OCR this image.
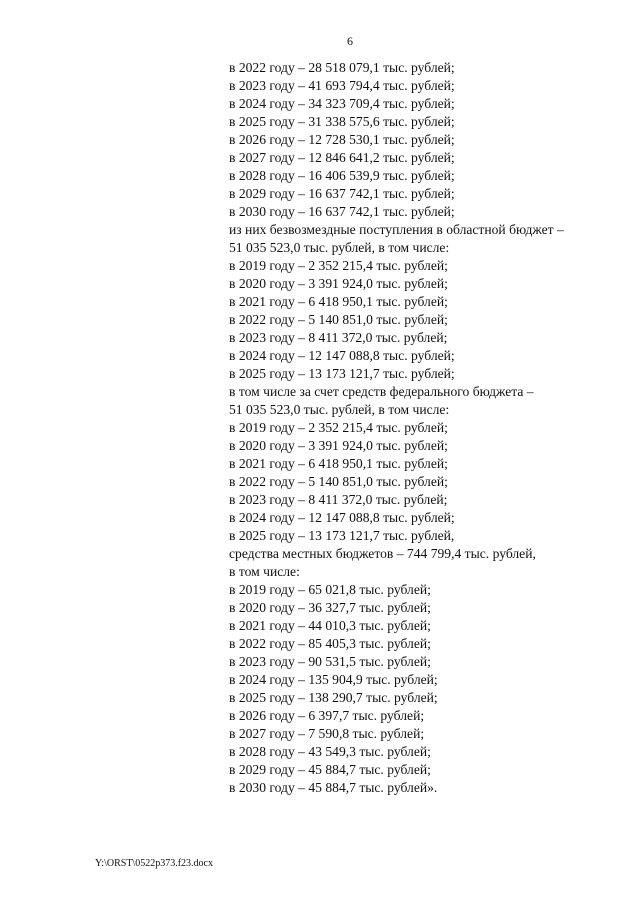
6
в 2022 году – 28 518 079,1 тыс. рублей;
в 2023 году – 41 693 794,4 тыс. рублей;
в 2024 году – 34 323 709,4 тыс. рублей;
в 2025 году – 31 338 575,6 тыс. рублей;
в 2026 году – 12 728 530,1 тыс. рублей;
в 2027 году – 12 846 641,2 тыс. рублей;
в 2028 году – 16 406 539,9 тыс. рублей;
в 2029 году – 16 637 742,1 тыс. рублей;
в 2030 году – 16 637 742,1 тыс. рублей;
из них безвозмездные поступления в областной бюджет –
51 035 523,0 тыс. рублей, в том числе:
в 2019 году – 2 352 215,4 тыс. рублей;
в 2020 году – 3 391 924,0 тыс. рублей;
в 2021 году – 6 418 950,1 тыс. рублей;
в 2022 году – 5 140 851,0 тыс. рублей;
в 2023 году – 8 411 372,0 тыс. рублей;
в 2024 году – 12 147 088,8 тыс. рублей;
в 2025 году – 13 173 121,7 тыс. рублей;
в том числе за счет средств федерального бюджета –
51 035 523,0 тыс. рублей, в том числе:
в 2019 году – 2 352 215,4 тыс. рублей;
в 2020 году – 3 391 924,0 тыс. рублей;
в 2021 году – 6 418 950,1 тыс. рублей;
в 2022 году – 5 140 851,0 тыс. рублей;
в 2023 году – 8 411 372,0 тыс. рублей;
в 2024 году – 12 147 088,8 тыс. рублей;
в 2025 году – 13 173 121,7 тыс. рублей,
средства местных бюджетов – 744 799,4 тыс. рублей,
в том числе:
в 2019 году – 65 021,8 тыс. рублей;
в 2020 году – 36 327,7 тыс. рублей;
в 2021 году – 44 010,3 тыс. рублей;
в 2022 году – 85 405,3 тыс. рублей;
в 2023 году – 90 531,5 тыс. рублей;
в 2024 году – 135 904,9 тыс. рублей;
в 2025 году – 138 290,7 тыс. рублей;
в 2026 году – 6 397,7 тыс. рублей;
в 2027 году – 7 590,8 тыс. рублей;
в 2028 году – 43 549,3 тыс. рублей;
в 2029 году – 45 884,7 тыс. рублей;
в 2030 году – 45 884,7 тыс. рублей».
Y:\ORST\0522p373.f23.docx
